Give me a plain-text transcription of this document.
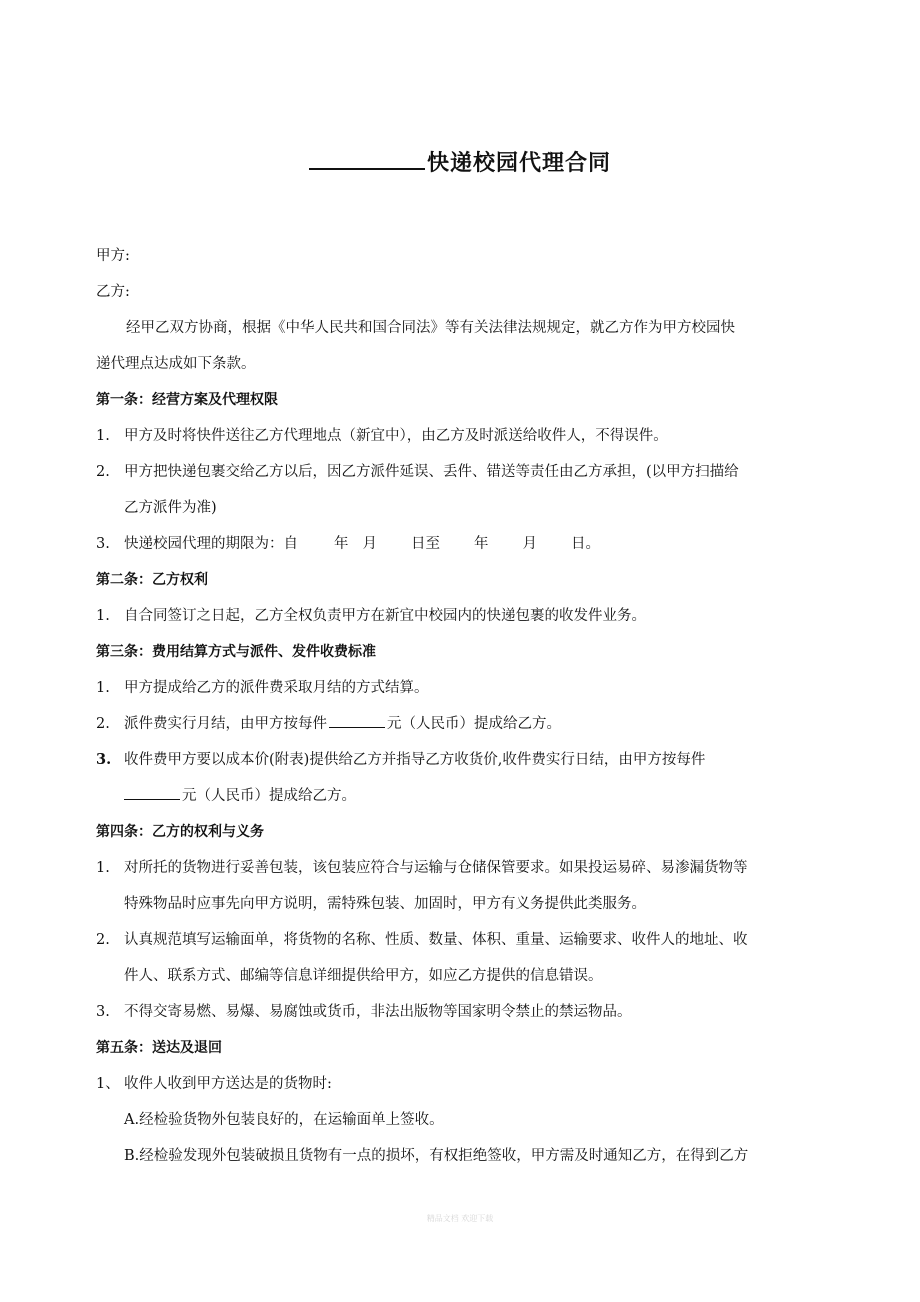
快递校园代理合同
甲方:
乙方:
经甲乙双方协商，根据《中华人民共和国合同法》等有关法律法规规定，就乙方作为甲方校园快
递代理点达成如下条款。
第一条：经营方案及代理权限
1. 甲方及时将快件送往乙方代理地点（新宜中），由乙方及时派送给收件人，不得误件。
2. 甲方把快递包裹交给乙方以后，因乙方派件延误、丢件、错送等责任由乙方承担，(以甲方扫描给
乙方派件为准)
3. 快递校园代理的期限为：自 年 月 日至 年 月 日。
第二条：乙方权利
1. 自合同签订之日起，乙方全权负责甲方在新宜中校园内的快递包裹的收发件业务。
第三条：费用结算方式与派件、发件收费标准
1. 甲方提成给乙方的派件费采取月结的方式结算。
2. 派件费实行月结，由甲方按每件	元（人民币）提成给乙方。
3. 收件费甲方要以成本价(附表)提供给乙方并指导乙方收货价,收件费实行日结，由甲方按每件
元（人民币）提成给乙方。
第四条：乙方的权利与义务
1. 对所托的货物进行妥善包装，该包装应符合与运输与仓储保管要求。如果投运易碎、易渗漏货物等
特殊物品时应事先向甲方说明，需特殊包装、加固时，甲方有义务提供此类服务。
2. 认真规范填写运输面单，将货物的名称、性质、数量、体积、重量、运输要求、收件人的地址、收
件人、联系方式、邮编等信息详细提供给甲方，如应乙方提供的信息错误。
3. 不得交寄易燃、易爆、易腐蚀或货币，非法出版物等国家明令禁止的禁运物品。
第五条：送达及退回
1、 收件人收到甲方送达是的货物时:
A.经检验货物外包装良好的，在运输面单上签收。
B.经检验发现外包装破损且货物有一点的损坏，有权拒绝签收，甲方需及时通知乙方，在得到乙方
精品文档 欢迎下载
